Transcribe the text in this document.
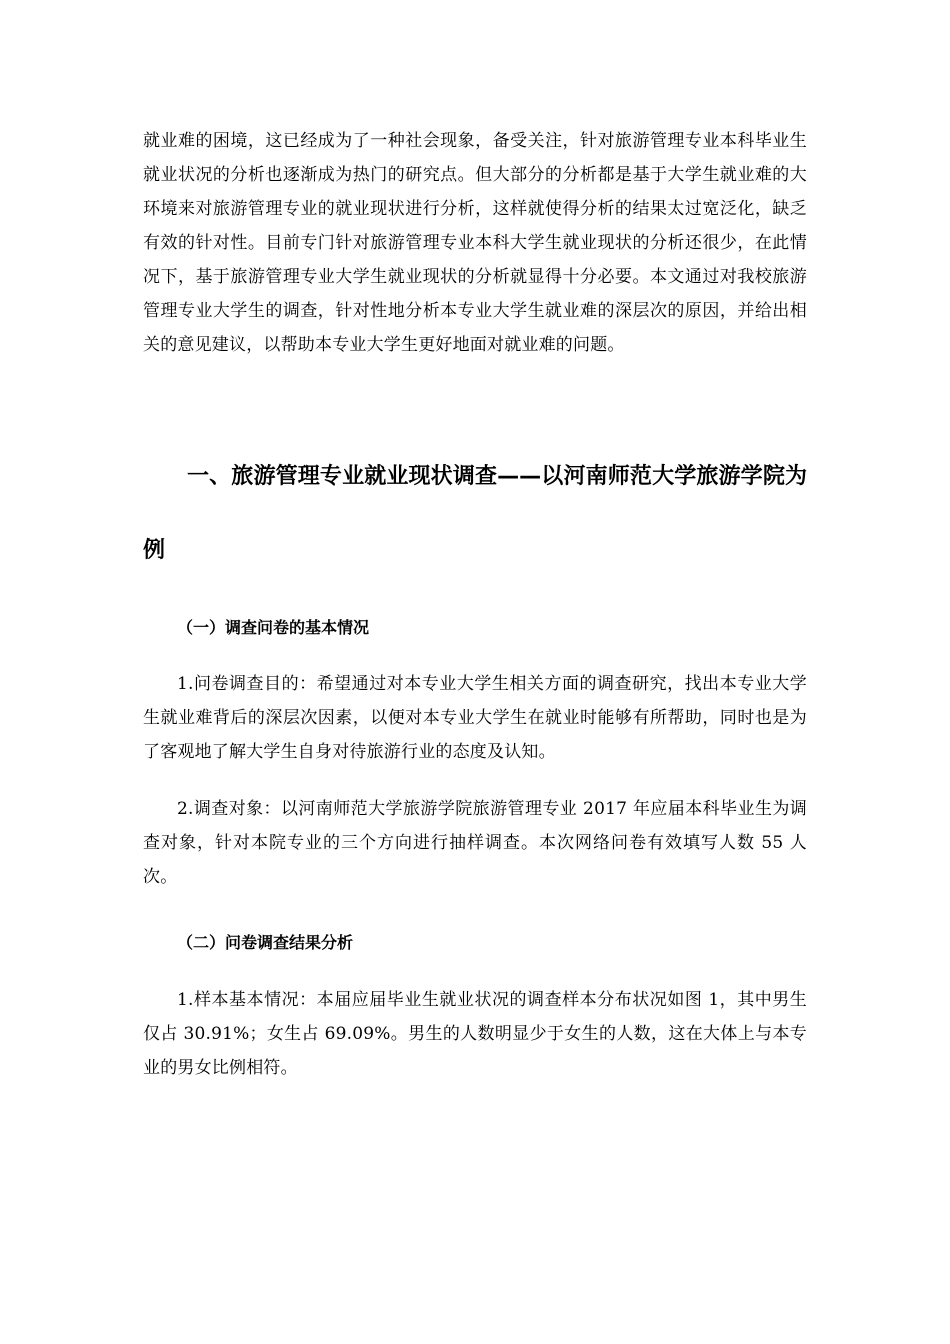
就业难的困境，这已经成为了一种社会现象，备受关注，针对旅游管理专业本科毕业生就业状况的分析也逐渐成为热门的研究点。但大部分的分析都是基于大学生就业难的大环境来对旅游管理专业的就业现状进行分析，这样就使得分析的结果太过宽泛化，缺乏有效的针对性。目前专门针对旅游管理专业本科大学生就业现状的分析还很少，在此情况下，基于旅游管理专业大学生就业现状的分析就显得十分必要。本文通过对我校旅游管理专业大学生的调查，针对性地分析本专业大学生就业难的深层次的原因，并给出相关的意见建议，以帮助本专业大学生更好地面对就业难的问题。

一、旅游管理专业就业现状调查——以河南师范大学旅游学院为例
（一）调查问卷的基本情况

1.问卷调查目的：希望通过对本专业大学生相关方面的调查研究，找出本专业大学生就业难背后的深层次因素，以便对本专业大学生在就业时能够有所帮助，同时也是为了客观地了解大学生自身对待旅游行业的态度及认知。

2.调查对象：以河南师范大学旅游学院旅游管理专业 2017 年应届本科毕业生为调查对象，针对本院专业的三个方向进行抽样调查。本次网络问卷有效填写人数 55 人次。

（二）问卷调查结果分析

1.样本基本情况：本届应届毕业生就业状况的调查样本分布状况如图 1，其中男生仅占 30.91%；女生占 69.09%。男生的人数明显少于女生的人数，这在大体上与本专业的男女比例相符。
